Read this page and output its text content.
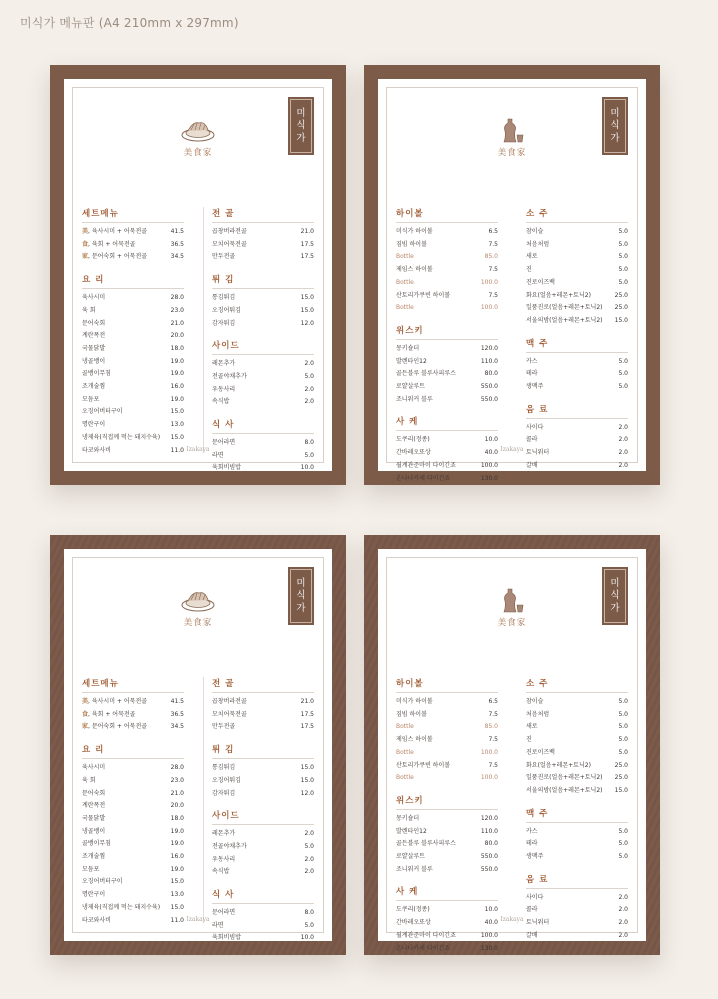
미식가 메뉴판 (A4 210mm x 297mm)
美食家
미
식
가
세트메뉴
美, 육사시미 + 어묵전골	41.5
食, 육회 + 어묵전골	36.5
家, 문어숙회 + 어묵전골	34.5
요 리
육사시미	28.0
육 회	23.0
문어숙회	21.0
계란폭전	20.0
국물닭발	18.0
냉골뱅이	19.0
골뱅이무침	19.0
조개술찜	16.0
모듬포	19.0
오징어버터구이	15.0
명란구이	13.0
냉제육(직접께 먹는 돼지수육) 15.0
타코와사비	11.0
전 골
곱창버라전골	21.0
모치어묵전골	17.5
만두전골	17.5
튀 김
통김튀김	15.0
오징어튀김	15.0
감자튀김	12.0
사이드
레몬추가	2.0
전골야채추가	5.0
우동사리	2.0
속식밥	2.0
식 사
문어라면	8.0
라면	5.0
육회비빔밥	10.0
Izakaya
美食家
미
식
가
하이볼
미식가 하이볼	6.5
짐빔 하이볼	7.5
Bottle	85.0
제임스 하이볼	7.5
Bottle	100.0
산토리가쿠빈 하이볼	7.5
Bottle	100.0
위스키
몽키숄더	120.0
발렌타인12	110.0
골든블루 블루사피루스	80.0
로얄살루트	550.0
조니워커 블루	550.0
사 케
도쿠리(정종)	10.0
간바레오또상	40.0
월계관준마이 다이긴죠	100.0
온나나카세 다이긴죠	130.0
소 주
참이슬	5.0
처음처럼	5.0
새로	5.0
진	5.0
진로이즈백	5.0
화요(얼음+레몬+토닉2)	25.0
일품진로(얼음+레몬+토닉2) 25.0
서울의밤(얼음+레몬+토닉2) 15.0
맥 주
카스	5.0
테라	5.0
생맥주	5.0
음 료
사이다	2.0
콜라	2.0
토닉워터	2.0
갈배	2.0
Izakaya
美食家
미
식
가
세트메뉴
美, 육사시미 + 어묵전골	41.5
食, 육회 + 어묵전골	36.5
家, 문어숙회 + 어묵전골	34.5
요 리
육사시미	28.0
육 회	23.0
문어숙회	21.0
계란폭전	20.0
국물닭발	18.0
냉골뱅이	19.0
골뱅이무침	19.0
조개술찜	16.0
모듬포	19.0
오징어버터구이	15.0
명란구이	13.0
냉제육(직접께 먹는 돼지수육) 15.0
타코와사비	11.0
전 골
곱창버라전골	21.0
모치어묵전골	17.5
만두전골	17.5
튀 김
통김튀김	15.0
오징어튀김	15.0
감자튀김	12.0
사이드
레몬추가	2.0
전골야채추가	5.0
우동사리	2.0
속식밥	2.0
식 사
문어라면	8.0
라면	5.0
육회비빔밥	10.0
Izakaya
美食家
미
식
가
하이볼
미식가 하이볼	6.5
짐빔 하이볼	7.5
Bottle	85.0
제임스 하이볼	7.5
Bottle	100.0
산토리가쿠빈 하이볼	7.5
Bottle	100.0
위스키
몽키숄더	120.0
발렌타인12	110.0
골든블루 블루사피루스	80.0
로얄살루트	550.0
조니워커 블루	550.0
사 케
도쿠리(정종)	10.0
간바레오또상	40.0
월계관준마이 다이긴죠	100.0
온나나카세 다이긴죠	130.0
소 주
참이슬	5.0
처음처럼	5.0
새로	5.0
진	5.0
진로이즈백	5.0
화요(얼음+레몬+토닉2)	25.0
일품진로(얼음+레몬+토닉2) 25.0
서울의밤(얼음+레몬+토닉2) 15.0
맥 주
카스	5.0
테라	5.0
생맥주	5.0
음 료
사이다	2.0
콜라	2.0
토닉워터	2.0
갈배	2.0
Izakaya
